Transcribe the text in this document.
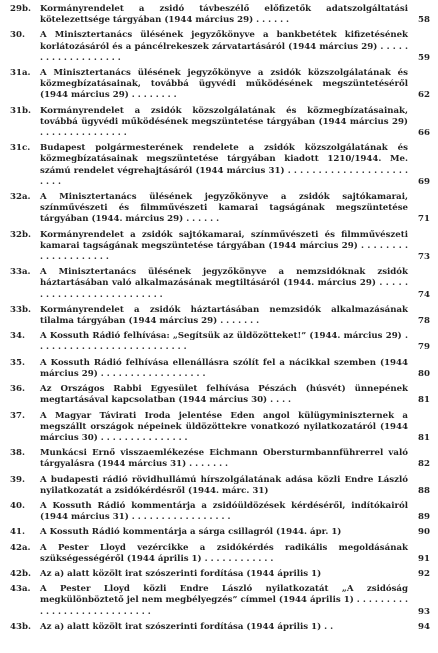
29b.	Kormányrendelet a zsidó távbeszélő előfizetők adatszolgáltatási kötelezettsége tárgyában (1944 március 29) . . . . . .	58
30.	A Minisztertanács ülésének jegyzőkönyve a bankbetétek kifizetésének korlátozásáról és a páncélrekeszek zárvatartásáról (1944 március 29) . . . . . . . . . . . . . . . . . . .	59
31a.	A Minisztertanács ülésének jegyzőkönyve a zsidók közszolgálatának és közmegbízatásainak, továbbá ügyvédi működésének megszüntetéséről (1944 március 29) . . . . . . . .	62
31b.	Kormányrendelet a zsidók közszolgálatának és közmegbízatásainak, továbbá ügyvédi működésének megszüntetése tárgyában (1944 március 29) . . . . . . . . . . . . . . .	66
31c.	Budapest polgármesterének rendelete a zsidók közszolgálatának és közmegbízatásainak megszüntetése tárgyában kiadott 1210/1944. Me. számú rendelet végrehajtásáról (1944 március 31) . . . . . . . . . . . . . . . . . . . . . . . .	69
32a.	A Minisztertanács ülésének jegyzőkönyve a zsidók sajtókamarai, színművészeti és filmművészeti kamarai tagságának megszüntetése tárgyában (1944. március 29) . . . . . .	71
32b.	Kormányrendelet a zsidók sajtókamarai, színművészeti és filmművészeti kamarai tagságának megszüntetése tárgyában (1944 március 29) . . . . . . . . . . . . . . . . . . . .	73
33a.	A Minisztertanács ülésének jegyzőkönyve a nemzsidóknak zsidók háztartásában való alkalmazásának megtiltásáról (1944. március 29) . . . . . . . . . . . . . . . . . . . . . . . . . .	74
33b.	Kormányrendelet a zsidók háztartásában nemzsidók alkalmazásának tilalma tárgyában (1944 március 29) . . . . . . .	78
34.	A Kossuth Rádió felhívása: „Segítsük az üldözötteket!” (1944. március 29) . . . . . . . . . . . . . . . . . . . . . . . . . .	79
35.	A Kossuth Rádió felhívása ellenállásra szólít fel a nácikkal szemben (1944 március 29) . . . . . . . . . . . . . . . . . .	80
36.	Az Országos Rabbi Egyesület felhívása Pészách (húsvét) ünnepének megtartásával kapcsolatban (1944 március 30) . . . .	81
37.	A Magyar Távirati Iroda jelentése Eden angol külügyminiszternek a megszállt országok népeinek üldözöttekre vonatkozó nyilatkozatáról (1944 március 30) . . . . . . . . . . . . . . .	81
38.	Munkácsi Ernő visszaemlékezése Eichmann Obersturmbannführerrel való tárgyalásra (1944 március 31) . . . . . . .	82
39.	A budapesti rádió rövidhullámú hírszolgálatának adása közli Endre László nyilatkozatát a zsidókérdésről (1944. márc. 31)	88
40.	A Kossuth Rádió kommentárja a zsidóüldözések kérdéséről, indítókairól (1944 március 31) . . . . . . . . . . . . . . . . .	89
41.	A Kossuth Rádió kommentárja a sárga csillagról (1944. ápr. 1)	90
42a.	A Pester Lloyd vezércikke a zsidókérdés radikális megoldásának szükségességéről (1944 április 1) . . . . . . . . . . . .	91
42b.	Az a) alatt közölt irat szószerinti fordítása (1944 április 1)	92
43a.	A Pester Lloyd közli Endre László nyilatkozatát „A zsidóság megkülönböztető jel nem megbélyegzés” címmel (1944 április 1) . . . . . . . . . . . . . . . . . . . . . . . . . . . .	93
43b.	Az a) alatt közölt irat szószerinti fordítása (1944 április 1) . .	94
